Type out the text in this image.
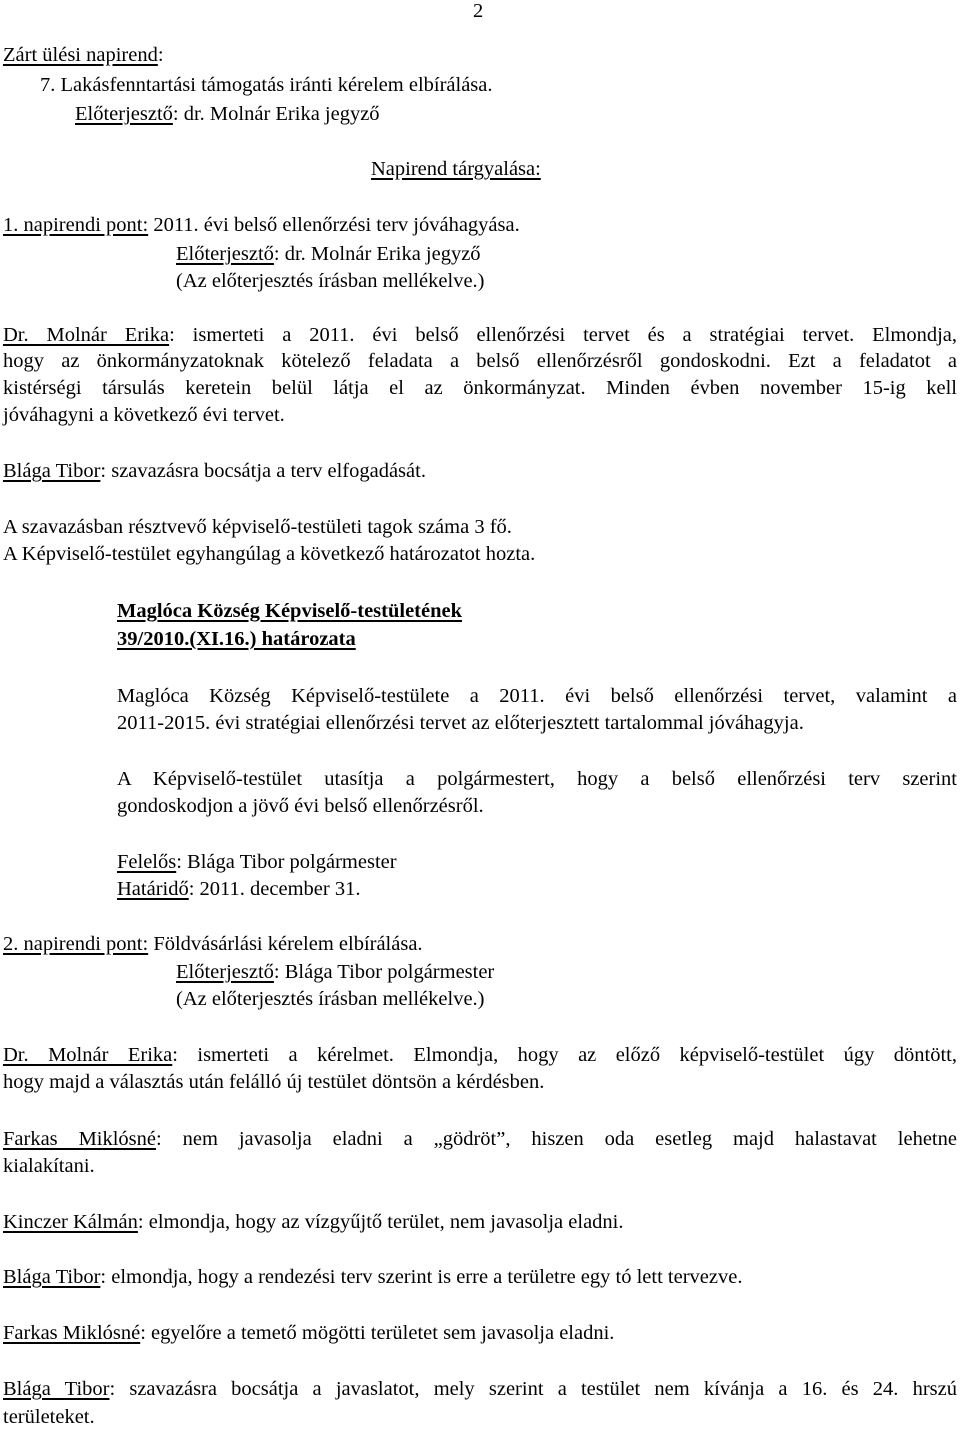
2
Zárt ülési napirend:
7. Lakásfenntartási támogatás iránti kérelem elbírálása.
Előterjesztő: dr. Molnár Erika jegyző
Napirend tárgyalása:
1. napirendi pont: 2011. évi belső ellenőrzési terv jóváhagyása.
Előterjesztő: dr. Molnár Erika jegyző
(Az előterjesztés írásban mellékelve.)
Dr. Molnár Erika: ismerteti a 2011. évi belső ellenőrzési tervet és a stratégiai tervet. Elmondja,
hogy az önkormányzatoknak kötelező feladata a belső ellenőrzésről gondoskodni. Ezt a feladatot a
kistérségi társulás keretein belül látja el az önkormányzat. Minden évben november 15-ig kell
jóváhagyni a következő évi tervet.
Blága Tibor: szavazásra bocsátja a terv elfogadását.
A szavazásban résztvevő képviselő-testületi tagok száma 3 fő.
A Képviselő-testület egyhangúlag a következő határozatot hozta.
Maglóca Község Képviselő-testületének
39/2010.(XI.16.) határozata
Maglóca Község Képviselő-testülete a 2011. évi belső ellenőrzési tervet, valamint a
2011-2015. évi stratégiai ellenőrzési tervet az előterjesztett tartalommal jóváhagyja.
A Képviselő-testület utasítja a polgármestert, hogy a belső ellenőrzési terv szerint
gondoskodjon a jövő évi belső ellenőrzésről.
Felelős: Blága Tibor polgármester
Határidő: 2011. december 31.
2. napirendi pont: Földvásárlási kérelem elbírálása.
Előterjesztő: Blága Tibor polgármester
(Az előterjesztés írásban mellékelve.)
Dr. Molnár Erika: ismerteti a kérelmet. Elmondja, hogy az előző képviselő-testület úgy döntött,
hogy majd a választás után felálló új testület döntsön a kérdésben.
Farkas Miklósné: nem javasolja eladni a „gödröt”, hiszen oda esetleg majd halastavat lehetne
kialakítani.
Kinczer Kálmán: elmondja, hogy az vízgyűjtő terület, nem javasolja eladni.
Blága Tibor: elmondja, hogy a rendezési terv szerint is erre a területre egy tó lett tervezve.
Farkas Miklósné: egyelőre a temető mögötti területet sem javasolja eladni.
Blága Tibor: szavazásra bocsátja a javaslatot, mely szerint a testület nem kívánja a 16. és 24. hrszú
területeket.
